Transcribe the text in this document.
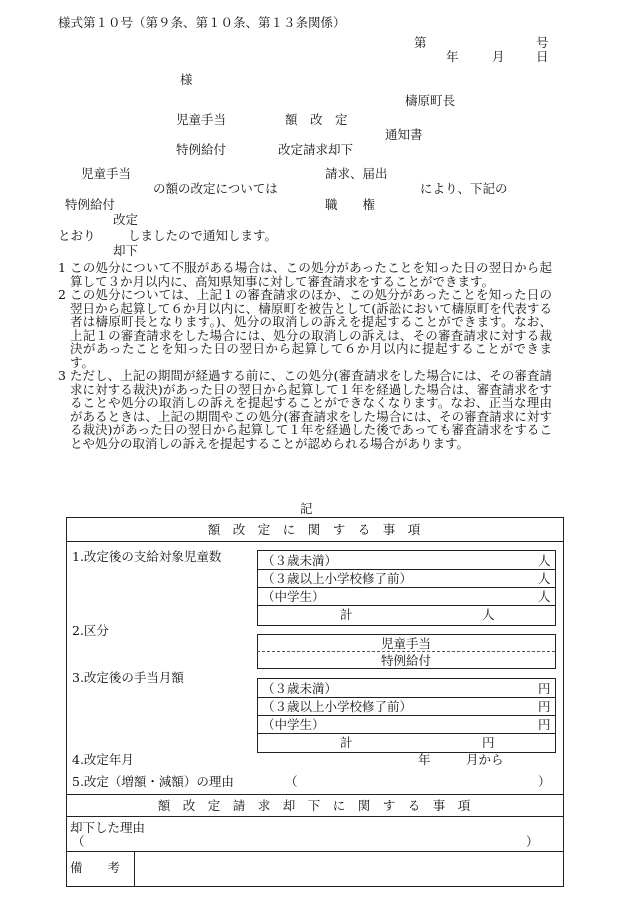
様式第１０号（第９条、第１０条、第１３条関係）
第	号
年	月	日
様
檮原町長
児童手当	額　改　定
通知書
特例給付	改定請求却下
児童手当	請求、届出
の額の改定については	により、下記の
特例給付	職　　権
改定
とおり	しましたので通知します。
却下
1 この処分について不服がある場合は、この処分があったことを知った日の翌日から起算して３か月以内に、高知県知事に対して審査請求をすることができます。
2 この処分については、上記１の審査請求のほか、この処分があったことを知った日の翌日から起算して６か月以内に、檮原町を被告として(訴訟において檮原町を代表する者は檮原町長となります。)、処分の取消しの訴えを提起することができます。なお、上記１の審査請求をした場合には、処分の取消しの訴えは、その審査請求に対する裁決があったことを知った日の翌日から起算して６か月以内に提起することができます。
3 ただし、上記の期間が経過する前に、この処分(審査請求をした場合には、その審査請求に対する裁決)があった日の翌日から起算して１年を経過した場合は、審査請求をすることや処分の取消しの訴えを提起することができなくなります。なお、正当な理由があるときは、上記の期間やこの処分(審査請求をした場合には、その審査請求に対する裁決)があった日の翌日から起算して１年を経過した後であっても審査請求をすることや処分の取消しの訴えを提起することが認められる場合があります。
記
額　改　定　に　関　す　る　事　項
1.改定後の支給対象児童数	（３歳未満）	人
（３歳以上小学校修了前）	人
（中学生）	人
計	人
2.区分
児童手当
特例給付
3.改定後の手当月額
（３歳未満）	円
（３歳以上小学校修了前）	円
（中学生）	円
計	円
4.改定年月	年	月から
5.改定（増額・減額）の理由	（	）
額　改　定　請　求　却　下　に　関　す　る　事　項
却下した理由
（	）
備　　考
